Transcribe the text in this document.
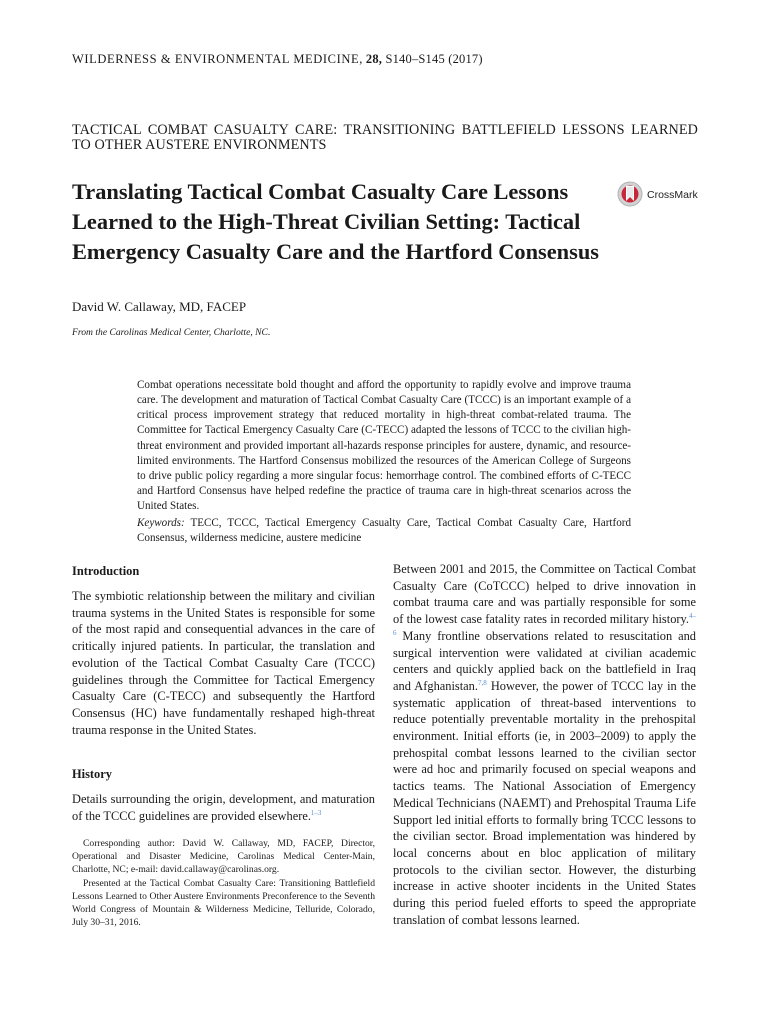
WILDERNESS & ENVIRONMENTAL MEDICINE, 28, S140–S145 (2017)
TACTICAL COMBAT CASUALTY CARE: TRANSITIONING BATTLEFIELD LESSONS LEARNED TO OTHER AUSTERE ENVIRONMENTS
Translating Tactical Combat Casualty Care Lessons Learned to the High-Threat Civilian Setting: Tactical Emergency Casualty Care and the Hartford Consensus
CrossMark
David W. Callaway, MD, FACEP
From the Carolinas Medical Center, Charlotte, NC.

Combat operations necessitate bold thought and afford the opportunity to rapidly evolve and improve trauma care. The development and maturation of Tactical Combat Casualty Care (TCCC) is an important example of a critical process improvement strategy that reduced mortality in high-threat combat-related trauma. The Committee for Tactical Emergency Casualty Care (C-TECC) adapted the lessons of TCCC to the civilian high-threat environment and provided important all-hazards response principles for austere, dynamic, and resource-limited environments. The Hartford Consensus mobilized the resources of the American College of Surgeons to drive public policy regarding a more singular focus: hemorrhage control. The combined efforts of C-TECC and Hartford Consensus have helped redefine the practice of trauma care in high-threat scenarios across the United States.

Keywords: TECC, TCCC, Tactical Emergency Casualty Care, Tactical Combat Casualty Care, Hartford Consensus, wilderness medicine, austere medicine
Introduction

The symbiotic relationship between the military and civilian trauma systems in the United States is responsible for some of the most rapid and consequential advances in the care of critically injured patients. In particular, the translation and evolution of the Tactical Combat Casualty Care (TCCC) guidelines through the Committee for Tactical Emergency Casualty Care (C-TECC) and subsequently the Hartford Consensus (HC) have fundamentally reshaped high-threat trauma response in the United States.

History

Details surrounding the origin, development, and maturation of the TCCC guidelines are provided elsewhere.$^{1-3}$

Corresponding author: David W. Callaway, MD, FACEP, Director, Operational and Disaster Medicine, Carolinas Medical Center-Main, Charlotte, NC; e-mail: david.callaway@carolinas.org.

Presented at the Tactical Combat Casualty Care: Transitioning Battlefield Lessons Learned to Other Austere Environments Preconference to the Seventh World Congress of Mountain & Wilderness Medicine, Telluride, Colorado, July 30–31, 2016.

Between 2001 and 2015, the Committee on Tactical Combat Casualty Care (CoTCCC) helped to drive innovation in combat trauma care and was partially responsible for some of the lowest case fatality rates in recorded military history.$^{4-6}$ Many frontline observations related to resuscitation and surgical intervention were validated at civilian academic centers and quickly applied back on the battlefield in Iraq and Afghanistan.$^{7,8}$ However, the power of TCCC lay in the systematic application of threat-based interventions to reduce potentially preventable mortality in the prehospital environment. Initial efforts (ie, in 2003–2009) to apply the prehospital combat lessons learned to the civilian sector were ad hoc and primarily focused on special weapons and tactics teams. The National Association of Emergency Medical Technicians (NAEMT) and Prehospital Trauma Life Support led initial efforts to formally bring TCCC lessons to the civilian sector. Broad implementation was hindered by local concerns about en bloc application of military protocols to the civilian sector. However, the disturbing increase in active shooter incidents in the United States during this period fueled efforts to speed the appropriate translation of combat lessons learned.
